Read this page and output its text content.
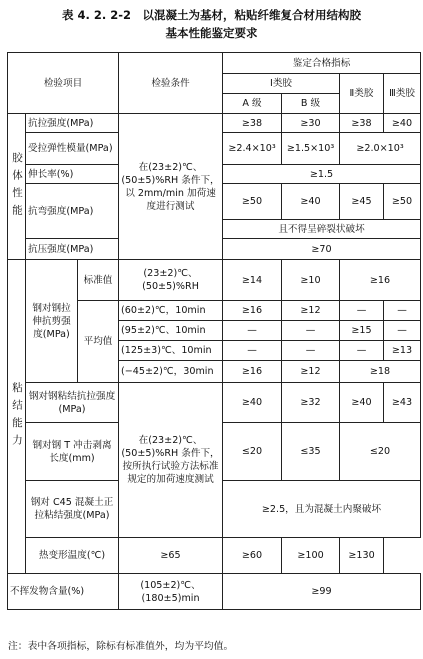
表 4. 2. 2-2　以混凝土为基材，粘贴纤维复合材用结构胶
基本性能鉴定要求
检验项目			检验条件	鉴定合格指标			
				Ⅰ类胶		Ⅱ类胶	Ⅲ类胶
				A 级	B 级		
胶体性能	抗拉强度(MPa)		在(23±2)℃、(50±5)%RH 条件下，以 2mm/min 加荷速度进行测试	≥38	≥30	≥38	≥40
	受拉弹性模量(MPa)			≥2.4×10³	≥1.5×10³	≥2.0×10³	
	伸长率(%)			≥1.5			
	抗弯强度(MPa)			≥50	≥40	≥45	≥50
				且不得呈碎裂状破坏			
	抗压强度(MPa)			≥70			
粘结能力	钢对钢拉伸抗剪强度(MPa)	标准值	(23±2)℃、(50±5)%RH	≥14	≥10	≥16	
		平均值	(60±2)℃，10min	≥16	≥12	—	—
			(95±2)℃、10min	—	—	≥15	—
			(125±3)℃、10min	—	—	—	≥13
			(−45±2)℃，30min	≥16	≥12	≥18	
	钢对钢粘结抗拉强度(MPa)		在(23±2)℃、(50±5)%RH 条件下，按所执行试验方法标准规定的加荷速度测试	≥40	≥32	≥40	≥43
	钢对钢 T 冲击剥离长度(mm)			≤20	≤35	≤20	
	钢对 C45 混凝土正拉粘结强度(MPa)			≥2.5，且为混凝土内聚破坏			
	热变形温度(℃)		≥65	≥60	≥100	≥130	
不挥发物含量(%)			(105±2)℃、(180±5)min	≥99			
注：表中各项指标，除标有标准值外，均为平均值。
